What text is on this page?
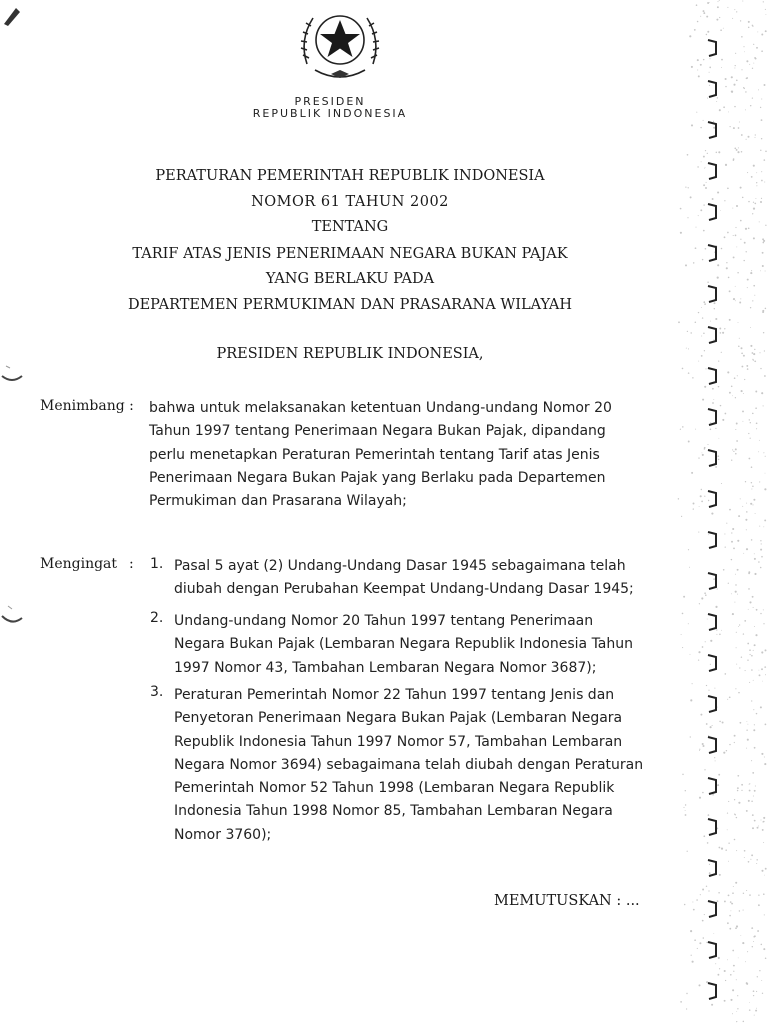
PRESIDEN
REPUBLIK INDONESIA
PERATURAN PEMERINTAH REPUBLIK INDONESIA
NOMOR 61 TAHUN 2002
TENTANG
TARIF ATAS JENIS PENERIMAAN NEGARA BUKAN PAJAK
YANG BERLAKU PADA
DEPARTEMEN PERMUKIMAN DAN PRASARANA WILAYAH
PRESIDEN REPUBLIK INDONESIA,
Menimbang : bahwa untuk melaksanakan ketentuan Undang-undang Nomor 20
Tahun 1997 tentang Penerimaan Negara Bukan Pajak, dipandang
perlu menetapkan Peraturan Pemerintah tentang Tarif atas Jenis
Penerimaan Negara Bukan Pajak yang Berlaku pada Departemen
Permukiman dan Prasarana Wilayah;
Mengingat : 1. Pasal 5 ayat (2) Undang-Undang Dasar 1945 sebagaimana telah
diubah dengan Perubahan Keempat Undang-Undang Dasar 1945;
2. Undang-undang Nomor 20 Tahun 1997 tentang Penerimaan
Negara Bukan Pajak (Lembaran Negara Republik Indonesia Tahun
1997 Nomor 43, Tambahan Lembaran Negara Nomor 3687);
3. Peraturan Pemerintah Nomor 22 Tahun 1997 tentang Jenis dan
Penyetoran Penerimaan Negara Bukan Pajak (Lembaran Negara
Republik Indonesia Tahun 1997 Nomor 57, Tambahan Lembaran
Negara Nomor 3694) sebagaimana telah diubah dengan Peraturan
Pemerintah Nomor 52 Tahun 1998 (Lembaran Negara Republik
Indonesia Tahun 1998 Nomor 85, Tambahan Lembaran Negara
Nomor 3760);
MEMUTUSKAN : ...
